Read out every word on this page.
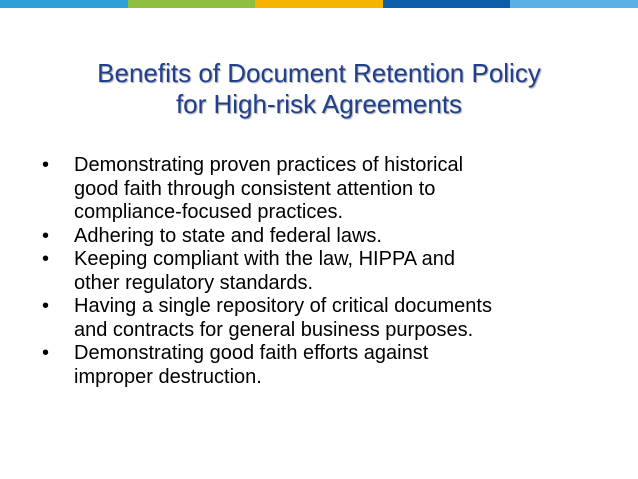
Benefits of Document Retention Policy
for High-risk Agreements
• Demonstrating proven practices of historical
good faith through consistent attention to
compliance-focused practices.
• Adhering to state and federal laws.
• Keeping compliant with the law, HIPPA and
other regulatory standards.
• Having a single repository of critical documents
and contracts for general business purposes.
• Demonstrating good faith efforts against
improper destruction.
